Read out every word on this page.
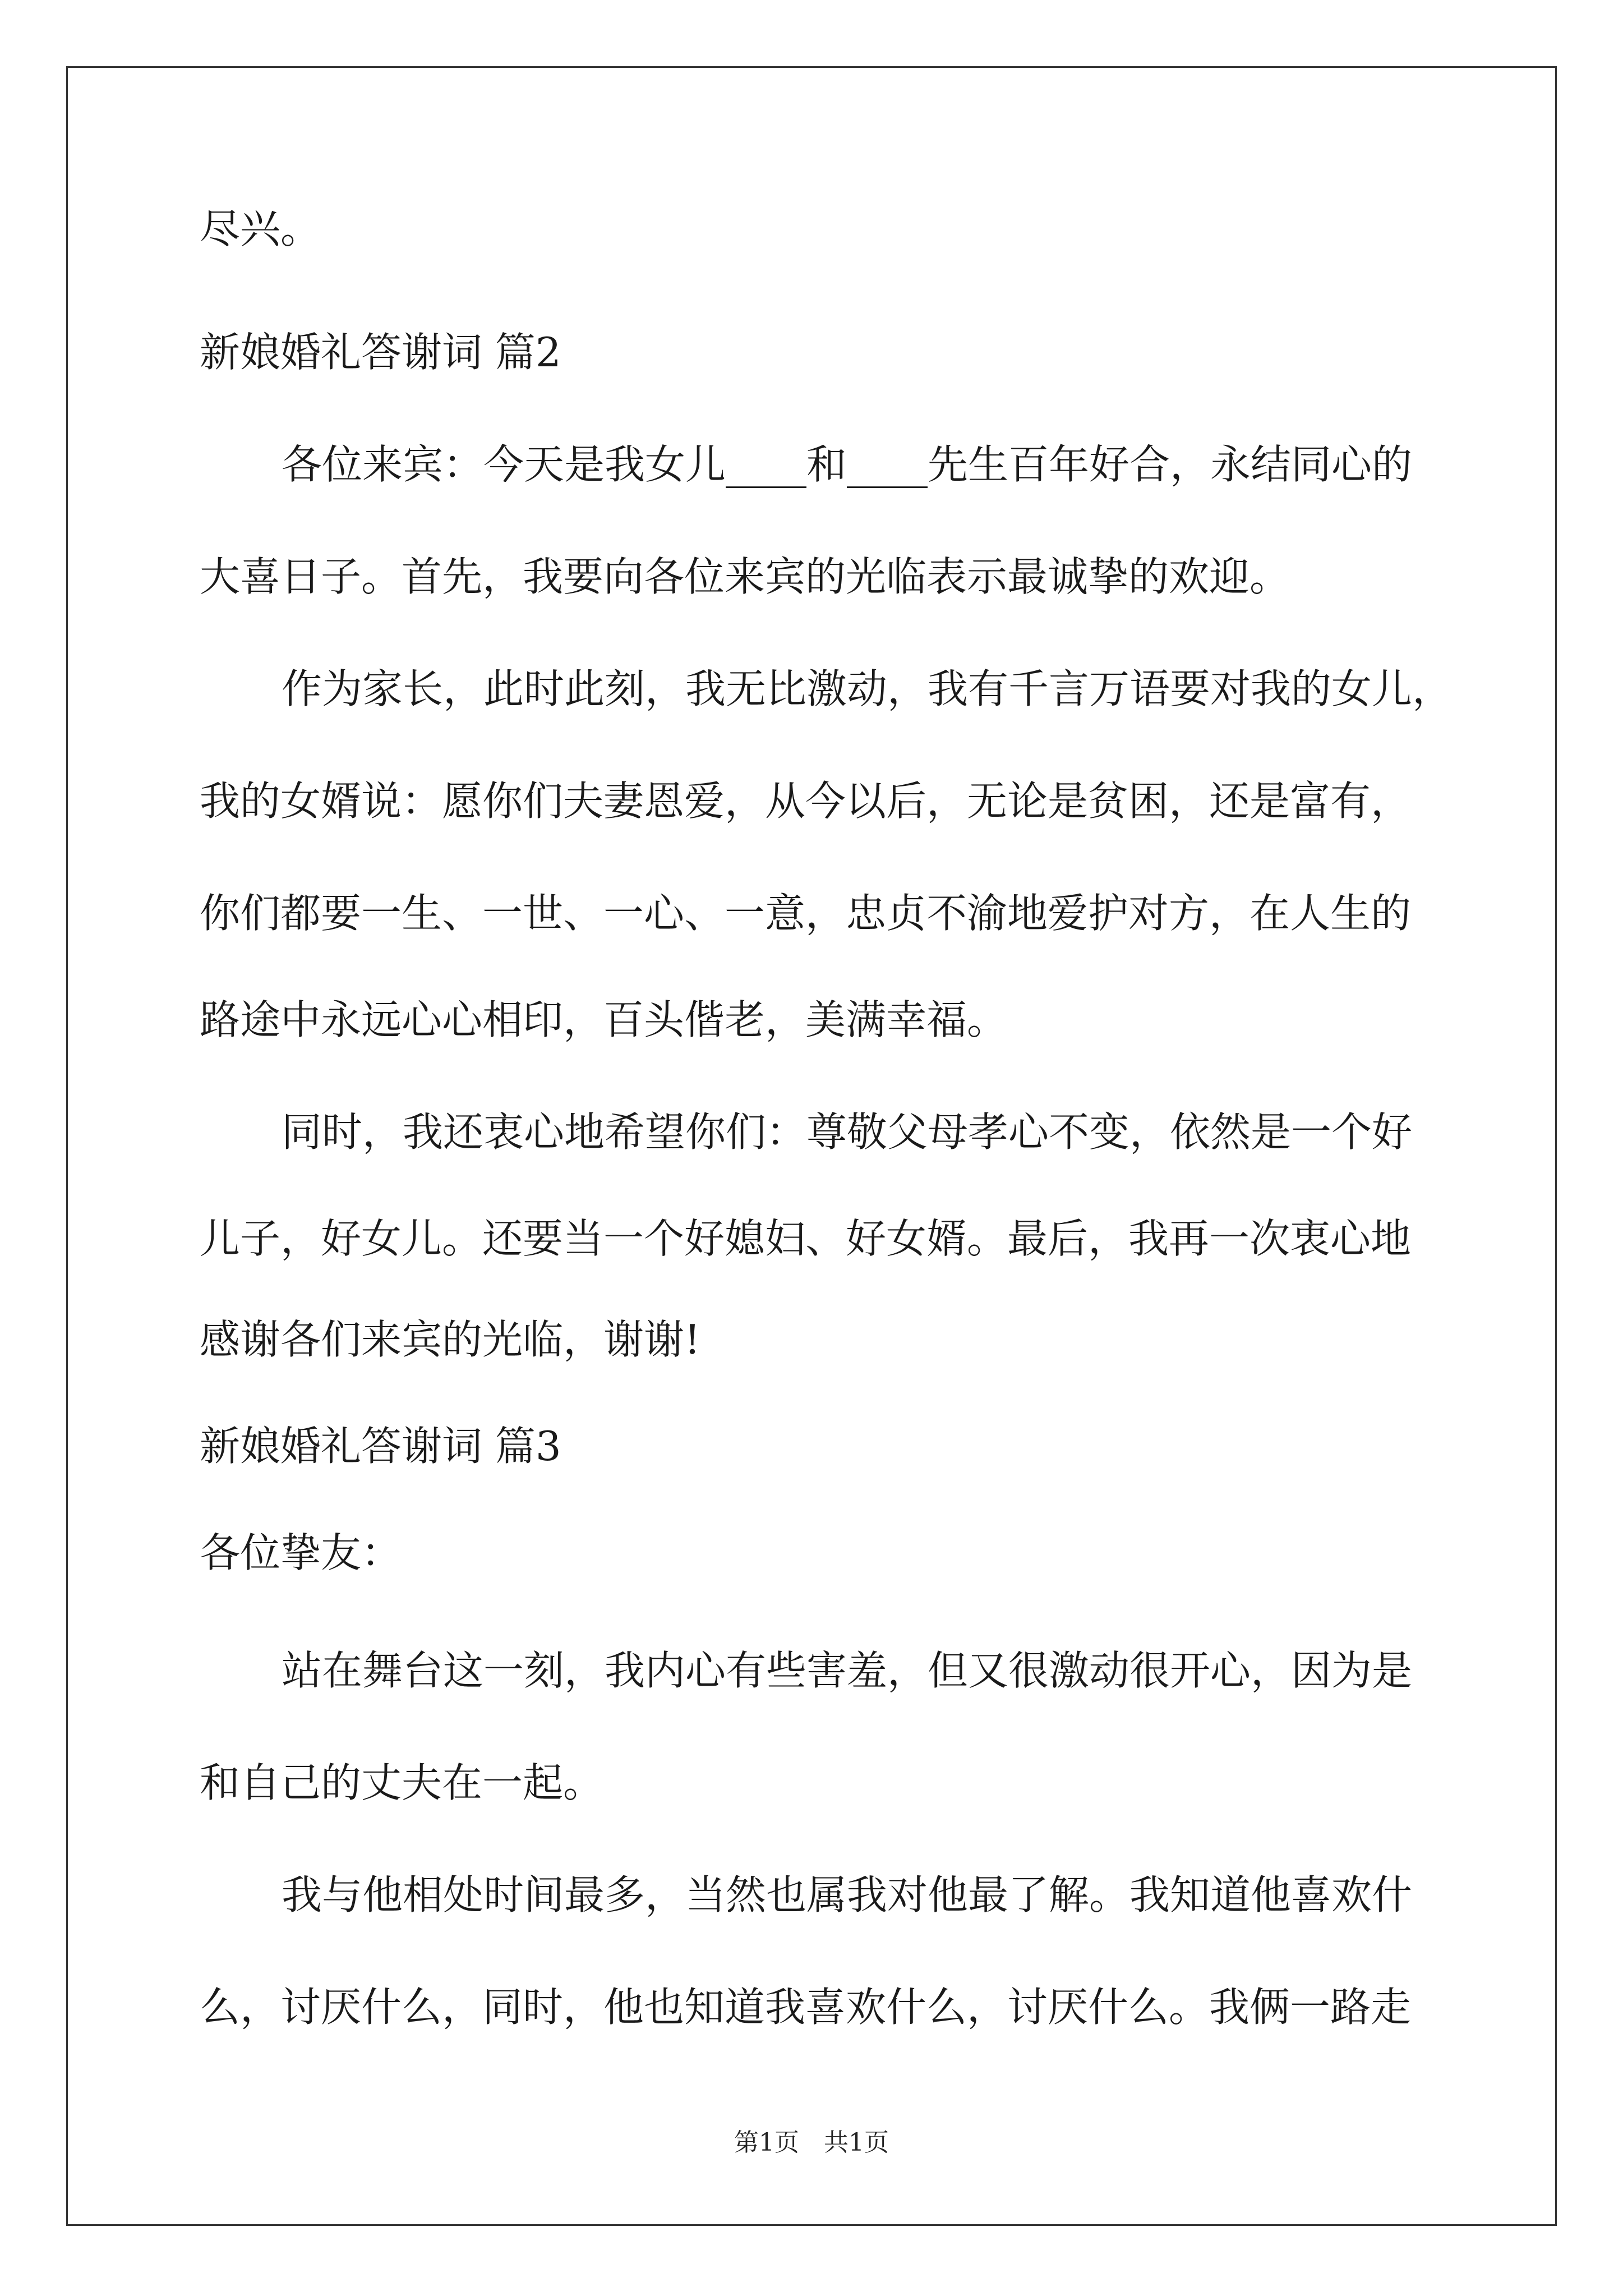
尽兴。
新娘婚礼答谢词 篇2
各位来宾：今天是我女儿____和____先生百年好合，永结同心的
大喜日子。首先，我要向各位来宾的光临表示最诚挚的欢迎。
作为家长，此时此刻，我无比激动，我有千言万语要对我的女儿，
我的女婿说：愿你们夫妻恩爱，从今以后，无论是贫困，还是富有，
你们都要一生、一世、一心、一意，忠贞不渝地爱护对方，在人生的
路途中永远心心相印，百头偕老，美满幸福。
同时，我还衷心地希望你们：尊敬父母孝心不变，依然是一个好
儿子，好女儿。还要当一个好媳妇、好女婿。最后，我再一次衷心地
感谢各们来宾的光临，谢谢!
新娘婚礼答谢词 篇3
各位挚友：
站在舞台这一刻，我内心有些害羞，但又很激动很开心，因为是
和自己的丈夫在一起。
我与他相处时间最多，当然也属我对他最了解。我知道他喜欢什
么，讨厌什么，同时，他也知道我喜欢什么，讨厌什么。我俩一路走
第1页　共1页
